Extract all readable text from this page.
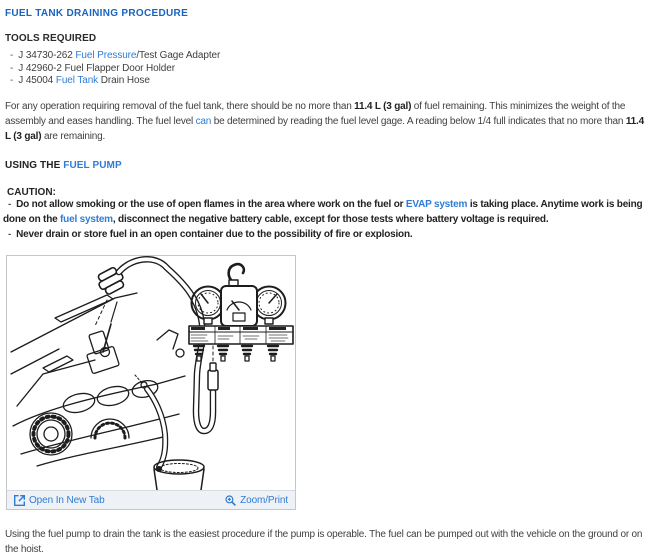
FUEL TANK DRAINING PROCEDURE
TOOLS REQUIRED
- J 34730-262 Fuel Pressure/Test Gage Adapter
- J 42960-2 Fuel Flapper Door Holder
- J 45004 Fuel Tank Drain Hose
For any operation requiring removal of the fuel tank, there should be no more than 11.4 L (3 gal) of fuel remaining. This minimizes the weight of the assembly and eases handling. The fuel level can be determined by reading the fuel level gage. A reading below 1/4 full indicates that no more than 11.4 L (3 gal) are remaining.
USING THE FUEL PUMP
CAUTION:
- Do not allow smoking or the use of open flames in the area where work on the fuel or EVAP system is taking place. Anytime work is being done on the fuel system, disconnect the negative battery cable, except for those tests where battery voltage is required.
- Never drain or store fuel in an open container due to the possibility of fire or explosion.
Open In New Tab	Zoom/Print
Using the fuel pump to drain the tank is the easiest procedure if the pump is operable. The fuel can be pumped out with the vehicle on the ground or on the hoist.
